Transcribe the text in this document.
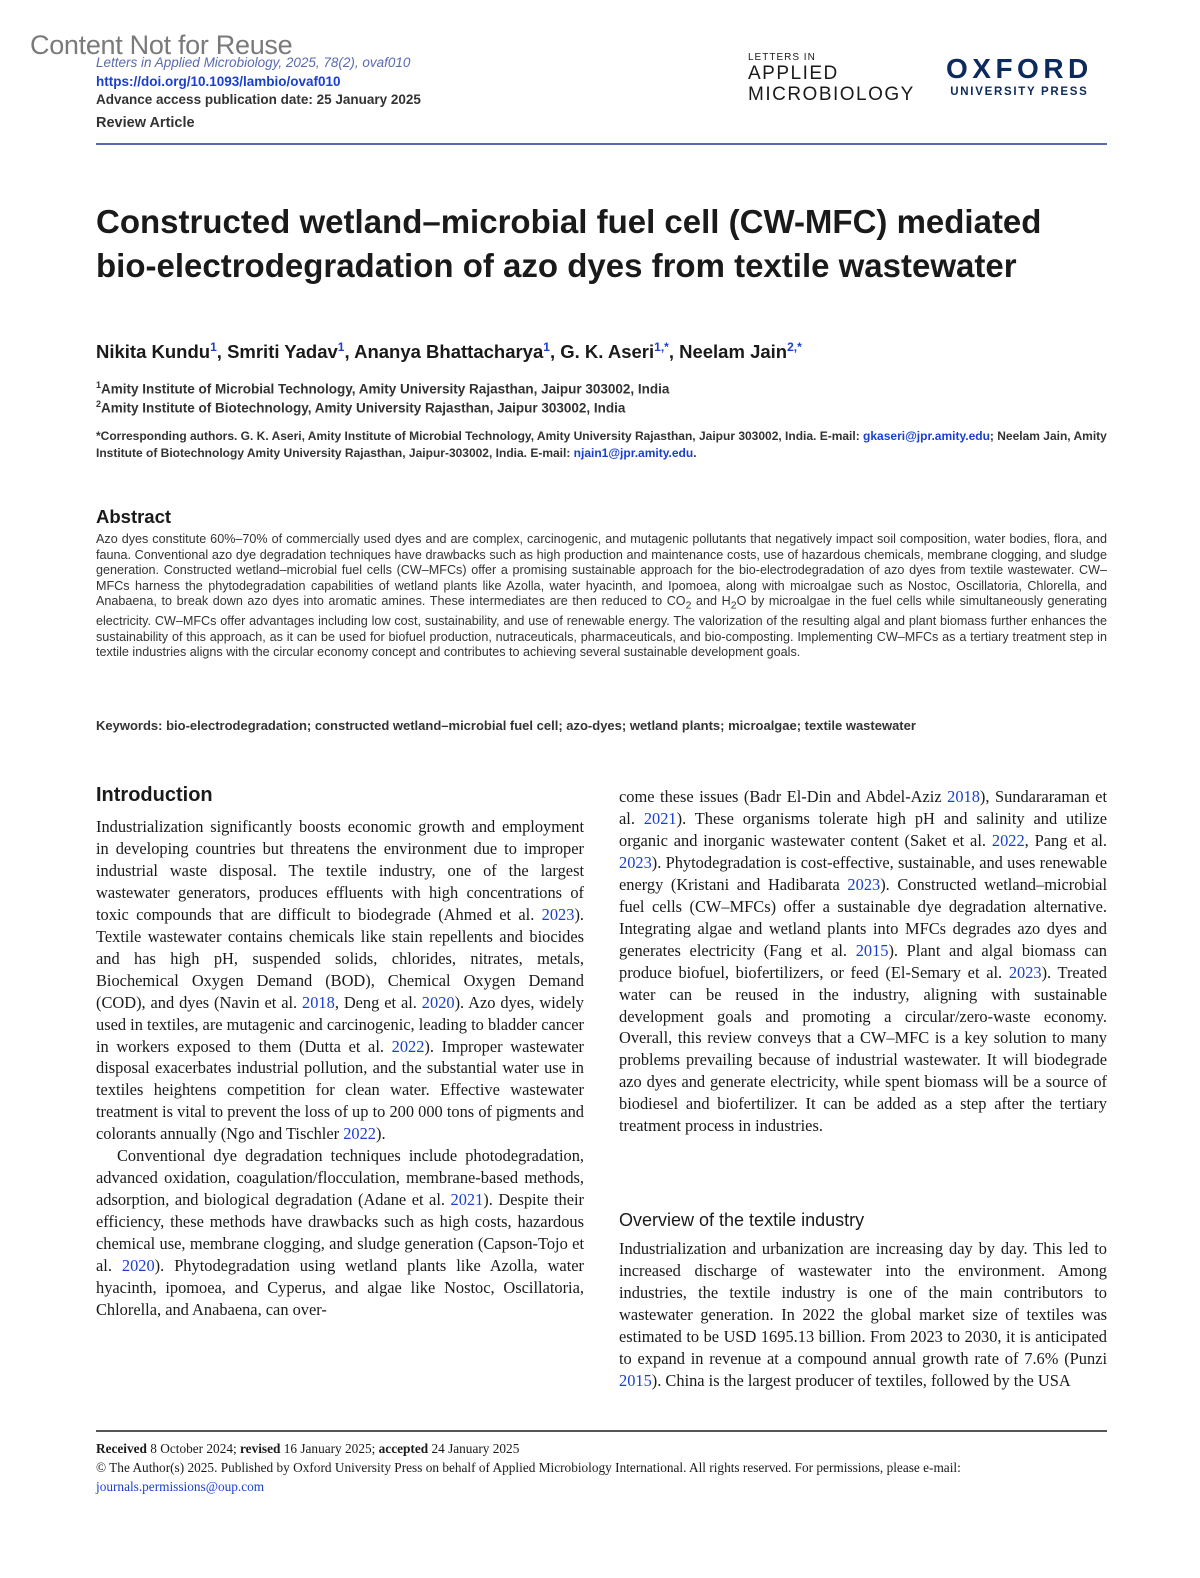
Content Not for Reuse
Letters in Applied Microbiology, 2025, 78(2), ovaf010
https://doi.org/10.1093/lambio/ovaf010
Advance access publication date: 25 January 2025
Review Article
LETTERS IN
APPLIED
MICROBIOLOGY
OXFORD
UNIVERSITY PRESS
Constructed wetland–microbial fuel cell (CW-MFC) mediated bio-electrodegradation of azo dyes from textile wastewater
Nikita Kundu$^1$, Smriti Yadav$^1$, Ananya Bhattacharya$^1$, G. K. Aseri$^{1,*}$, Neelam Jain$^{2,*}$
$^1$Amity Institute of Microbial Technology, Amity University Rajasthan, Jaipur 303002, India
$^2$Amity Institute of Biotechnology, Amity University Rajasthan, Jaipur 303002, India
*Corresponding authors. G. K. Aseri, Amity Institute of Microbial Technology, Amity University Rajasthan, Jaipur 303002, India. E-mail: gkaseri@jpr.amity.edu; Neelam Jain, Amity Institute of Biotechnology Amity University Rajasthan, Jaipur-303002, India. E-mail: njain1@jpr.amity.edu.
Abstract
Azo dyes constitute 60%–70% of commercially used dyes and are complex, carcinogenic, and mutagenic pollutants that negatively impact soil composition, water bodies, flora, and fauna. Conventional azo dye degradation techniques have drawbacks such as high production and maintenance costs, use of hazardous chemicals, membrane clogging, and sludge generation. Constructed wetland–microbial fuel cells (CW–MFCs) offer a promising sustainable approach for the bio-electrodegradation of azo dyes from textile wastewater. CW–MFCs harness the phytodegradation capabilities of wetland plants like Azolla, water hyacinth, and Ipomoea, along with microalgae such as Nostoc, Oscillatoria, Chlorella, and Anabaena, to break down azo dyes into aromatic amines. These intermediates are then reduced to $CO_2$ and $H_2O$ by microalgae in the fuel cells while simultaneously generating electricity. CW–MFCs offer advantages including low cost, sustainability, and use of renewable energy. The valorization of the resulting algal and plant biomass further enhances the sustainability of this approach, as it can be used for biofuel production, nutraceuticals, pharmaceuticals, and bio-composting. Implementing CW–MFCs as a tertiary treatment step in textile industries aligns with the circular economy concept and contributes to achieving several sustainable development goals.
Keywords: bio-electrodegradation; constructed wetland–microbial fuel cell; azo-dyes; wetland plants; microalgae; textile wastewater
Introduction

Industrialization significantly boosts economic growth and employment in developing countries but threatens the environment due to improper industrial waste disposal. The textile industry, one of the largest wastewater generators, produces effluents with high concentrations of toxic compounds that are difficult to biodegrade (Ahmed et al. 2023). Textile wastewater contains chemicals like stain repellents and biocides and has high pH, suspended solids, chlorides, nitrates, metals, Biochemical Oxygen Demand (BOD), Chemical Oxygen Demand (COD), and dyes (Navin et al. 2018, Deng et al. 2020). Azo dyes, widely used in textiles, are mutagenic and carcinogenic, leading to bladder cancer in workers exposed to them (Dutta et al. 2022). Improper wastewater disposal exacerbates industrial pollution, and the substantial water use in textiles heightens competition for clean water. Effective wastewater treatment is vital to prevent the loss of up to 200 000 tons of pigments and colorants annually (Ngo and Tischler 2022).

Conventional dye degradation techniques include photodegradation, advanced oxidation, coagulation/flocculation, membrane-based methods, adsorption, and biological degradation (Adane et al. 2021). Despite their efficiency, these methods have drawbacks such as high costs, hazardous chemical use, membrane clogging, and sludge generation (Capson-Tojo et al. 2020). Phytodegradation using wetland plants like Azolla, water hyacinth, ipomoea, and Cyperus, and algae like Nostoc, Oscillatoria, Chlorella, and Anabaena, can over-

come these issues (Badr El-Din and Abdel-Aziz 2018), Sundararaman et al. 2021). These organisms tolerate high pH and salinity and utilize organic and inorganic wastewater content (Saket et al. 2022, Pang et al. 2023). Phytodegradation is cost-effective, sustainable, and uses renewable energy (Kristani and Hadibarata 2023). Constructed wetland–microbial fuel cells (CW–MFCs) offer a sustainable dye degradation alternative. Integrating algae and wetland plants into MFCs degrades azo dyes and generates electricity (Fang et al. 2015). Plant and algal biomass can produce biofuel, biofertilizers, or feed (El-Semary et al. 2023). Treated water can be reused in the industry, aligning with sustainable development goals and promoting a circular/zero-waste economy. Overall, this review conveys that a CW–MFC is a key solution to many problems prevailing because of industrial wastewater. It will biodegrade azo dyes and generate electricity, while spent biomass will be a source of biodiesel and biofertilizer. It can be added as a step after the tertiary treatment process in industries.

Overview of the textile industry

Industrialization and urbanization are increasing day by day. This led to increased discharge of wastewater into the environment. Among industries, the textile industry is one of the main contributors to wastewater generation. In 2022 the global market size of textiles was estimated to be USD 1695.13 billion. From 2023 to 2030, it is anticipated to expand in revenue at a compound annual growth rate of 7.6% (Punzi 2015). China is the largest producer of textiles, followed by the USA

Received 8 October 2024; revised 16 January 2025; accepted 24 January 2025
© The Author(s) 2025. Published by Oxford University Press on behalf of Applied Microbiology International. All rights reserved. For permissions, please e-mail: journals.permissions@oup.com
